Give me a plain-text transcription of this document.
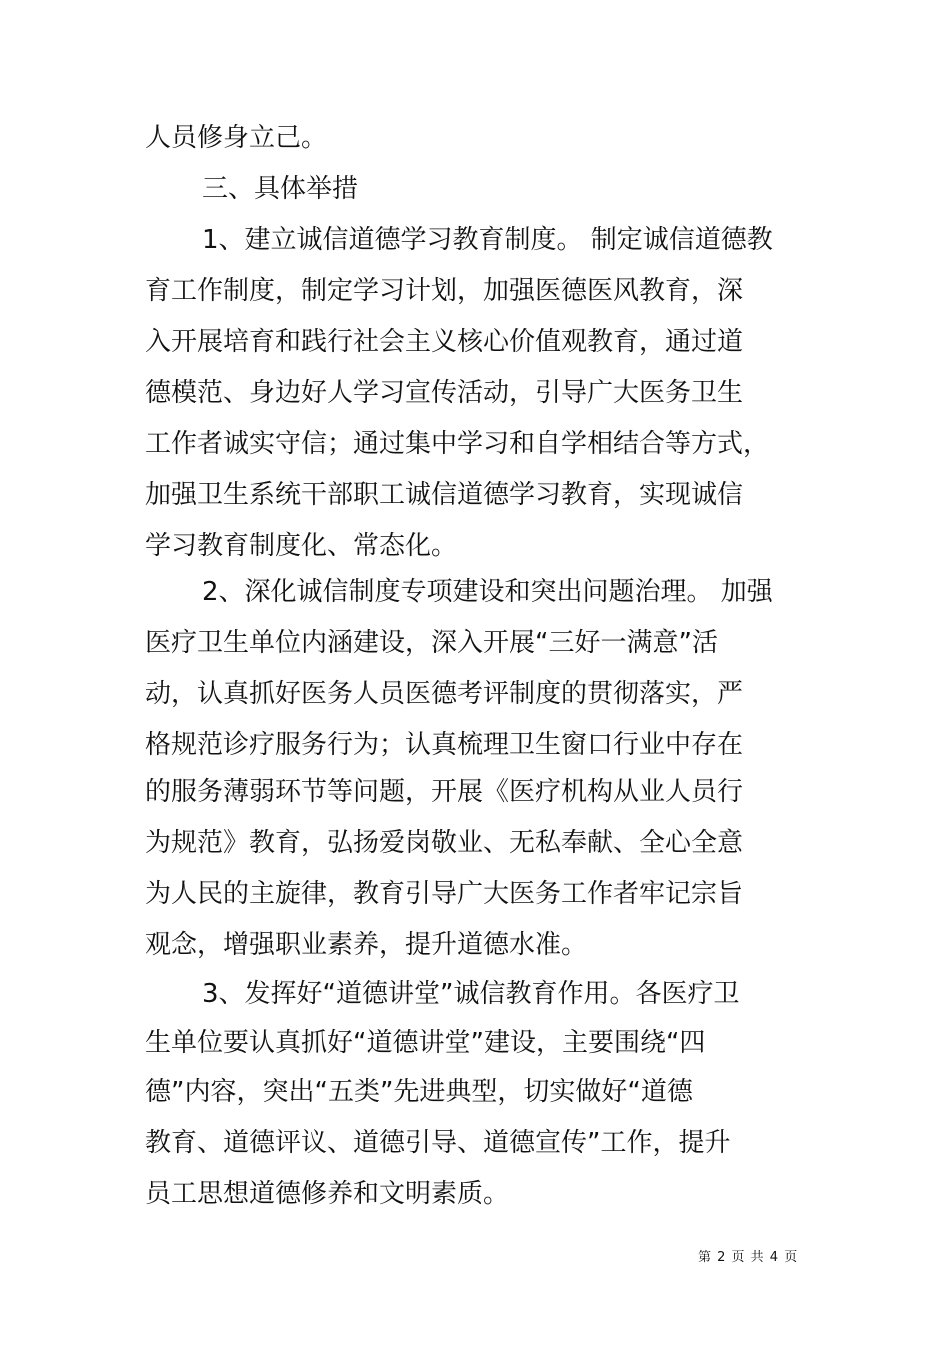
人员修身立己。
三、具体举措
1、建立诚信道德学习教育制度。 制定诚信道德教
育工作制度，制定学习计划，加强医德医风教育，深
入开展培育和践行社会主义核心价值观教育，通过道
德模范、身边好人学习宣传活动，引导广大医务卫生
工作者诚实守信；通过集中学习和自学相结合等方式，
加强卫生系统干部职工诚信道德学习教育，实现诚信
学习教育制度化、常态化。
2、深化诚信制度专项建设和突出问题治理。 加强
医疗卫生单位内涵建设，深入开展“三好一满意”活
动，认真抓好医务人员医德考评制度的贯彻落实，严
格规范诊疗服务行为；认真梳理卫生窗口行业中存在
的服务薄弱环节等问题，开展《医疗机构从业人员行
为规范》教育，弘扬爱岗敬业、无私奉献、全心全意
为人民的主旋律，教育引导广大医务工作者牢记宗旨
观念，增强职业素养，提升道德水准。
3、发挥好“道德讲堂”诚信教育作用。各医疗卫
生单位要认真抓好“道德讲堂”建设，主要围绕“四
德”内容，突出“五类”先进典型，切实做好“道德
教育、道德评议、道德引导、道德宣传”工作，提升
员工思想道德修养和文明素质。
第 2 页 共 4 页
